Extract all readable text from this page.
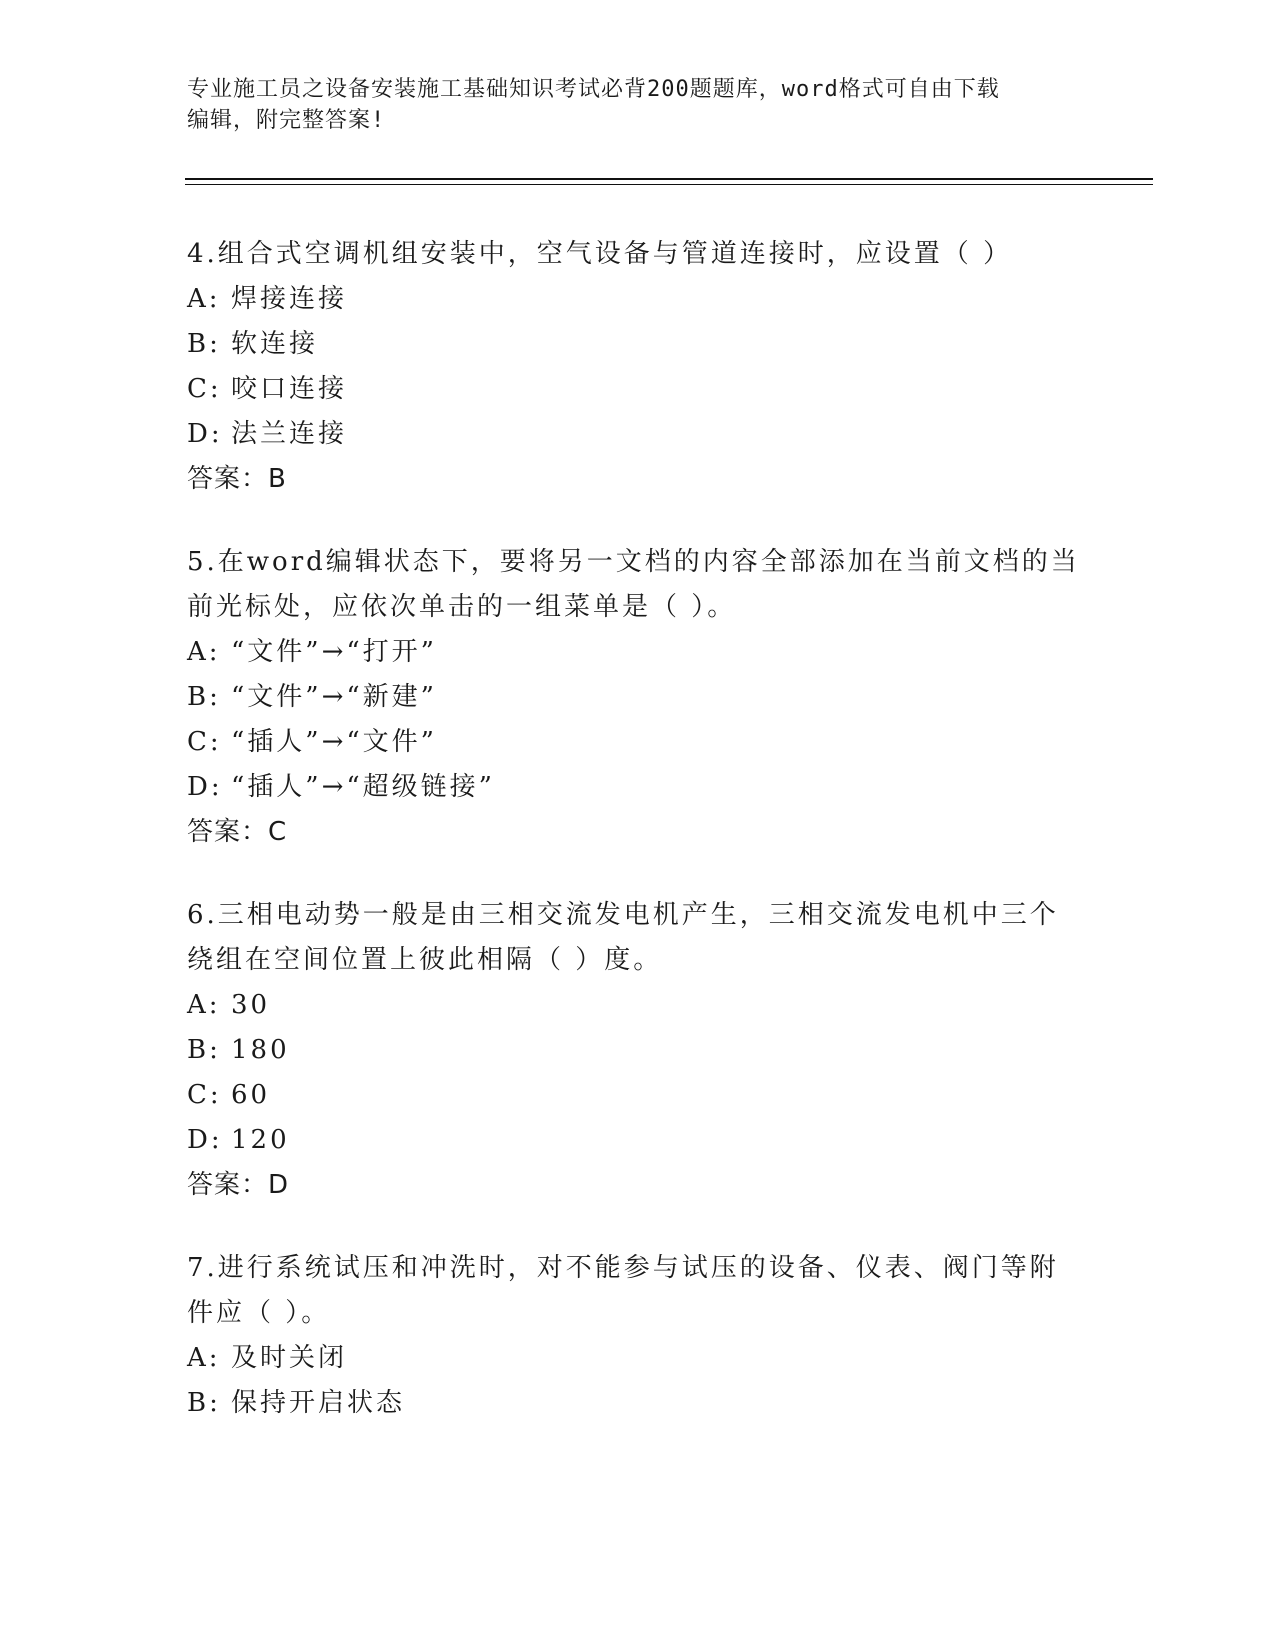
专业施工员之设备安装施工基础知识考试必背200题题库，word格式可自由下载
编辑，附完整答案!

4.组合式空调机组安装中，空气设备与管道连接时，应设置（ ）

A: 焊接连接
B: 软连接
C: 咬口连接
D: 法兰连接
答案：B

5.在word编辑状态下，要将另一文档的内容全部添加在当前文档的当前光标处，应依次单击的一组菜单是（ ）。

A: “文件”→“打开”
B: “文件”→“新建”
C: “插人”→“文件”
D: “插人”→“超级链接”
答案：C

6.三相电动势一般是由三相交流发电机产生，三相交流发电机中三个绕组在空间位置上彼此相隔（ ）度。

A: 30
B: 180
C: 60
D: 120
答案：D

7.进行系统试压和冲洗时，对不能参与试压的设备、仪表、阀门等附件应（ ）。

A: 及时关闭
B: 保持开启状态
